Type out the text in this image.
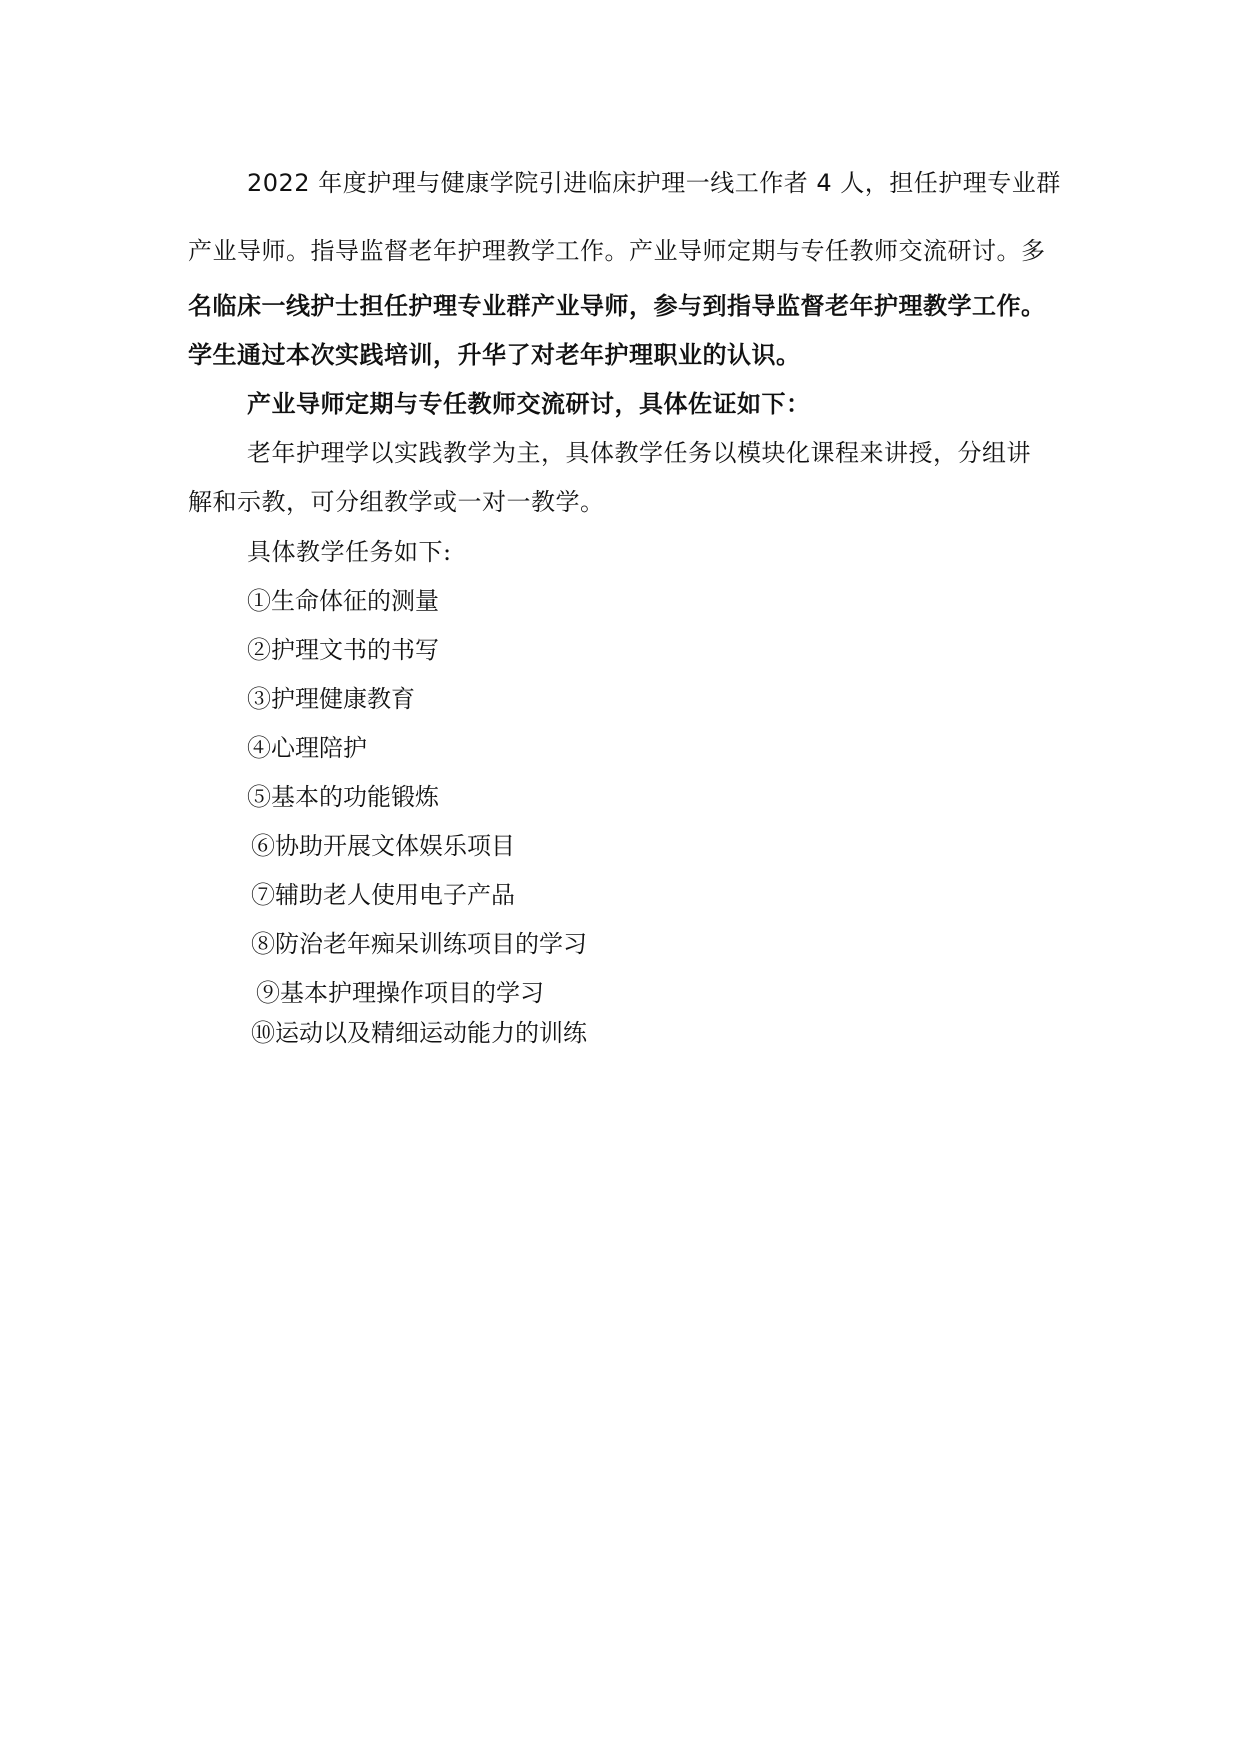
2022 年度护理与健康学院引进临床护理一线工作者 4 人，担任护理专业群
产业导师。指导监督老年护理教学工作。产业导师定期与专任教师交流研讨。多
名临床一线护士担任护理专业群产业导师，参与到指导监督老年护理教学工作。
学生通过本次实践培训，升华了对老年护理职业的认识。
产业导师定期与专任教师交流研讨，具体佐证如下：
老年护理学以实践教学为主，具体教学任务以模块化课程来讲授，分组讲
解和示教，可分组教学或一对一教学。
具体教学任务如下:
①生命体征的测量
②护理文书的书写
③护理健康教育
④心理陪护
⑤基本的功能锻炼
⑥协助开展文体娱乐项目
⑦辅助老人使用电子产品
⑧防治老年痴呆训练项目的学习
⑨基本护理操作项目的学习
⑩运动以及精细运动能力的训练
